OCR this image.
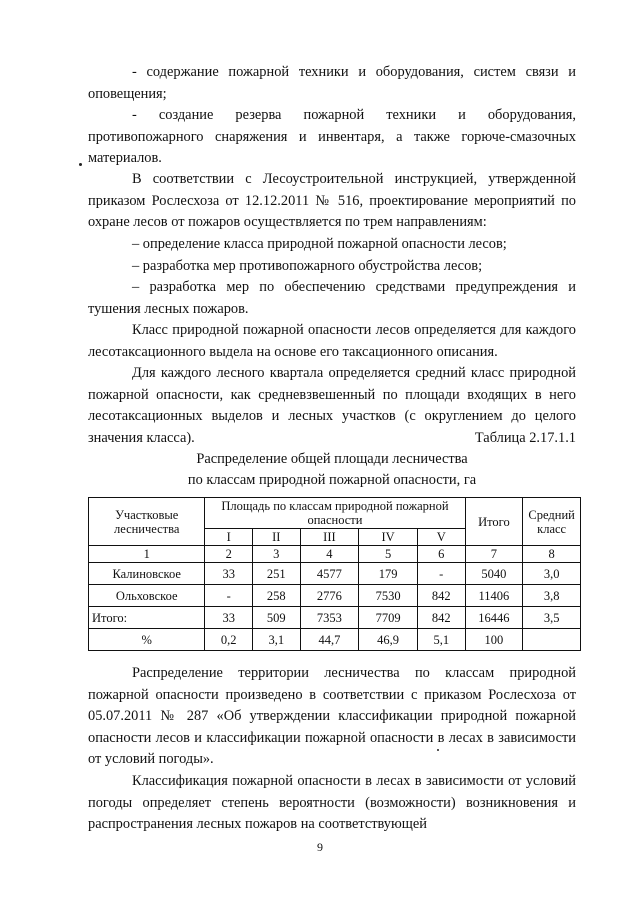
- содержание пожарной техники и оборудования, систем связи и оповещения;

- создание резерва пожарной техники и оборудования, противопожарного снаряжения и инвентаря, а также горюче-смазочных материалов.

В соответствии с Лесоустроительной инструкцией, утвержденной приказом Рослесхоза от 12.12.2011 № 516, проектирование мероприятий по охране лесов от пожаров осуществляется по трем направлениям:

– определение класса природной пожарной опасности лесов;

– разработка мер противопожарного обустройства лесов;

– разработка мер по обеспечению средствами предупреждения и тушения лесных пожаров.

Класс природной пожарной опасности лесов определяется для каждого лесотаксационного выдела на основе его таксационного описания.

Для каждого лесного квартала определяется средний класс природной пожарной опасности, как средневзвешенный по площади входящих в него лесотаксационных выделов и лесных участков (с округлением до целого значения класса).	Таблица 2.17.1.1

Распределение общей площади лесничества

по классам природной пожарной опасности, га

Участковые лесничества	Площадь по классам природной пожарной опасности					Итого	Средний класс
	I	II	III	IV	V		
1	2	3	4	5	6	7	8
Калиновское	33	251	4577	179	-	5040	3,0
Ольховское	-	258	2776	7530	842	11406	3,8
Итого:	33	509	7353	7709	842	16446	3,5
%	0,2	3,1	44,7	46,9	5,1	100	

Распределение территории лесничества по классам природной пожарной опасности произведено в соответствии с приказом Рослесхоза от 05.07.2011 № 287 «Об утверждении классификации природной пожарной опасности лесов и классификации пожарной опасности в лесах в зависимости от условий погоды».

Классификация пожарной опасности в лесах в зависимости от условий погоды определяет степень вероятности (возможности) возникновения и распространения лесных пожаров на соответствующей

9
